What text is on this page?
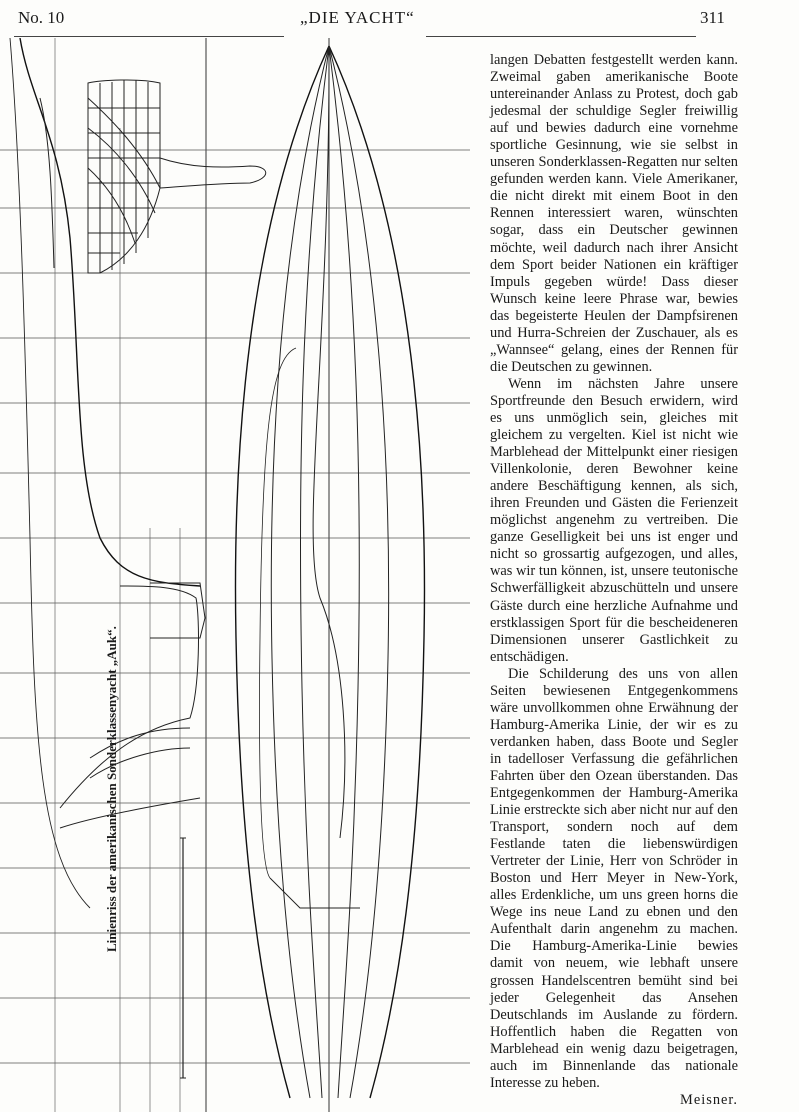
No. 10	„DIE YACHT“	311
Linienriss der amerikanischen Sonderklassenyacht „Auk“.

langen Debatten festgestellt werden kann. Zweimal gaben amerikanische Boote untereinander Anlass zu Protest, doch gab jedesmal der schuldige Segler freiwillig auf und bewies dadurch eine vornehme sportliche Gesinnung, wie sie selbst in unseren Sonderklassen-Regatten nur selten gefunden werden kann. Viele Amerikaner, die nicht direkt mit einem Boot in den Rennen interessiert waren, wünschten sogar, dass ein Deutscher gewinnen möchte, weil dadurch nach ihrer Ansicht dem Sport beider Nationen ein kräftiger Impuls gegeben würde! Dass dieser Wunsch keine leere Phrase war, bewies das begeisterte Heulen der Dampfsirenen und Hurra-Schreien der Zuschauer, als es „Wannsee“ gelang, eines der Rennen für die Deutschen zu gewinnen.

Wenn im nächsten Jahre unsere Sportfreunde den Besuch erwidern, wird es uns unmöglich sein, gleiches mit gleichem zu vergelten. Kiel ist nicht wie Marblehead der Mittelpunkt einer riesigen Villenkolonie, deren Bewohner keine andere Beschäftigung kennen, als sich, ihren Freunden und Gästen die Ferienzeit möglichst angenehm zu vertreiben. Die ganze Geselligkeit bei uns ist enger und nicht so grossartig aufgezogen, und alles, was wir tun können, ist, unsere teutonische Schwerfälligkeit abzuschütteln und unsere Gäste durch eine herzliche Aufnahme und erstklassigen Sport für die bescheideneren Dimensionen unserer Gastlichkeit zu entschädigen.

Die Schilderung des uns von allen Seiten bewiesenen Entgegenkommens wäre unvollkommen ohne Erwähnung der Hamburg-Amerika Linie, der wir es zu verdanken haben, dass Boote und Segler in tadelloser Verfassung die gefährlichen Fahrten über den Ozean überstanden. Das Entgegenkommen der Hamburg-Amerika Linie erstreckte sich aber nicht nur auf den Transport, sondern noch auf dem Festlande taten die liebenswürdigen Vertreter der Linie, Herr von Schröder in Boston und Herr Meyer in New-York, alles Erdenkliche, um uns green horns die Wege ins neue Land zu ebnen und den Aufenthalt darin angenehm zu machen. Die Hamburg-Amerika-Linie bewies damit von neuem, wie lebhaft unsere grossen Handelscentren bemüht sind bei jeder Gelegenheit das Ansehen Deutschlands im Auslande zu fördern. Hoffentlich haben die Regatten von Marblehead ein wenig dazu beigetragen, auch im Binnenlande das nationale Interesse zu heben.

Meisner.
